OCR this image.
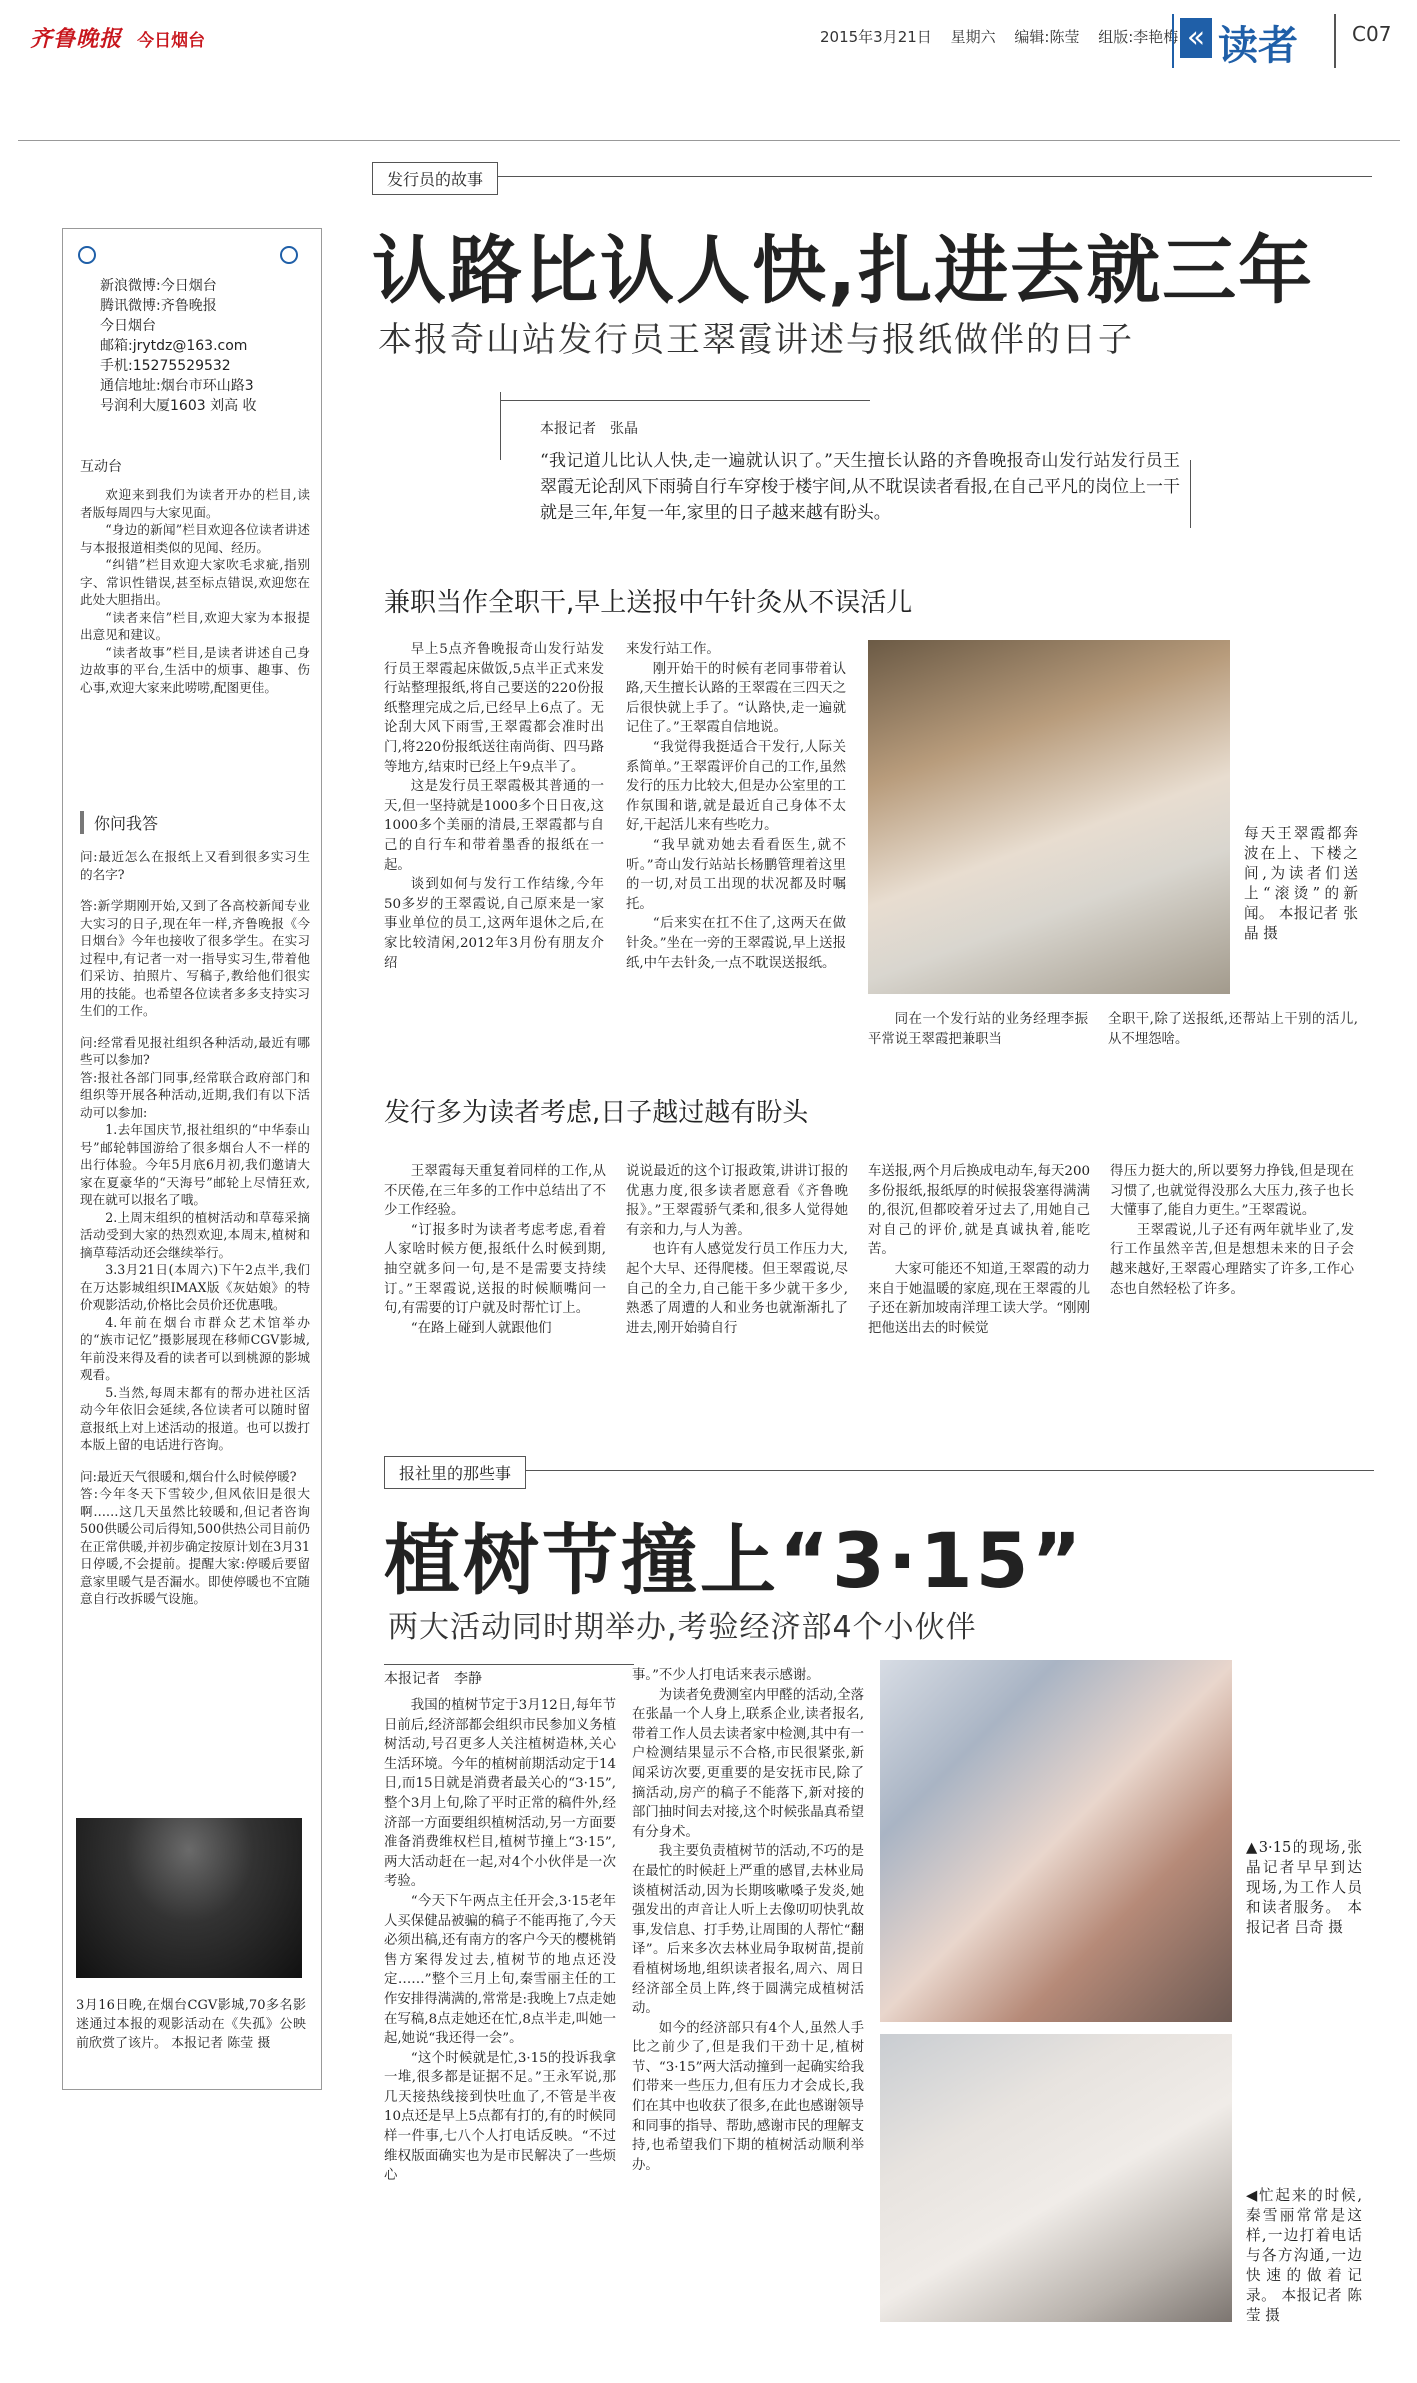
齐鲁晚报 今日烟台	2015年3月21日 星期六 编辑:陈莹 组版:李艳梅 « 读者	C07
新浪微博:今日烟台
腾讯微博:齐鲁晚报
今日烟台
邮箱:jrytdz@163.com
手机:15275529532
通信地址:烟台市环山路3
号润利大厦1603 刘高 收
互动台

欢迎来到我们为读者开办的栏目,读者版每周四与大家见面。

“身边的新闻”栏目欢迎各位读者讲述与本报报道相类似的见闻、经历。

“纠错”栏目欢迎大家吹毛求疵,指别字、常识性错误,甚至标点错误,欢迎您在此处大胆指出。

“读者来信”栏目,欢迎大家为本报提出意见和建议。

“读者故事”栏目,是读者讲述自己身边故事的平台,生活中的烦事、趣事、伤心事,欢迎大家来此唠唠,配图更佳。

你问我答

问:最近怎么在报纸上又看到很多实习生的名字?

答:新学期刚开始,又到了各高校新闻专业大实习的日子,现在年一样,齐鲁晚报《今日烟台》今年也接收了很多学生。在实习过程中,有记者一对一指导实习生,带着他们采访、拍照片、写稿子,教给他们很实用的技能。也希望各位读者多多支持实习生们的工作。

问:经常看见报社组织各种活动,最近有哪些可以参加?

答:报社各部门同事,经常联合政府部门和组织等开展各种活动,近期,我们有以下活动可以参加:

1.去年国庆节,报社组织的“中华泰山号”邮轮韩国游给了很多烟台人不一样的出行体验。今年5月底6月初,我们邀请大家在夏豪华的“天海号”邮轮上尽情狂欢,现在就可以报名了哦。

2.上周末组织的植树活动和草莓采摘活动受到大家的热烈欢迎,本周末,植树和摘草莓活动还会继续举行。

3.3月21日(本周六)下午2点半,我们在万达影城组织IMAX版《灰姑娘》的特价观影活动,价格比会员价还优惠哦。

4.年前在烟台市群众艺术馆举办的“族市记忆”摄影展现在移师CGV影城,年前没来得及看的读者可以到桃源的影城观看。

5.当然,每周末都有的帮办进社区活动今年依旧会延续,各位读者可以随时留意报纸上对上述活动的报道。也可以拨打本版上留的电话进行咨询。

问:最近天气很暖和,烟台什么时候停暖?

答:今年冬天下雪较少,但风依旧是很大啊……这几天虽然比较暖和,但记者咨询500供暖公司后得知,500供热公司目前仍在正常供暖,并初步确定按原计划在3月31日停暖,不会提前。提醒大家:停暖后要留意家里暖气是否漏水。即使停暖也不宜随意自行改拆暖气设施。

3月16日晚,在烟台CGV影城,70多名影迷通过本报的观影活动在《失孤》公映前欣赏了该片。 本报记者 陈莹 摄
发行员的故事
认路比认人快,扎进去就三年
本报奇山站发行员王翠霞讲述与报纸做伴的日子
本报记者　张晶
“我记道儿比认人快,走一遍就认识了。”天生擅长认路的齐鲁晚报奇山发行站发行员王翠霞无论刮风下雨骑自行车穿梭于楼宇间,从不耽误读者看报,在自己平凡的岗位上一干就是三年,年复一年,家里的日子越来越有盼头。
兼职当作全职干,早上送报中午针灸从不误活儿

早上5点齐鲁晚报奇山发行站发行员王翠霞起床做饭,5点半正式来发行站整理报纸,将自己要送的220份报纸整理完成之后,已经早上6点了。无论刮大风下雨雪,王翠霞都会准时出门,将220份报纸送往南尚街、四马路等地方,结束时已经上午9点半了。

这是发行员王翠霞极其普通的一天,但一坚持就是1000多个日日夜,这1000多个美丽的清晨,王翠霞都与自己的自行车和带着墨香的报纸在一起。

谈到如何与发行工作结缘,今年50多岁的王翠霞说,自己原来是一家事业单位的员工,这两年退休之后,在家比较清闲,2012年3月份有朋友介绍

来发行站工作。

刚开始干的时候有老同事带着认路,天生擅长认路的王翠霞在三四天之后很快就上手了。“认路快,走一遍就记住了。”王翠霞自信地说。

“我觉得我挺适合干发行,人际关系简单。”王翠霞评价自己的工作,虽然发行的压力比较大,但是办公室里的工作氛围和谐,就是最近自己身体不太好,干起活儿来有些吃力。

“我早就劝她去看看医生,就不听。”奇山发行站站长杨鹏管理着这里的一切,对员工出现的状况都及时嘱托。

“后来实在扛不住了,这两天在做针灸。”坐在一旁的王翠霞说,早上送报纸,中午去针灸,一点不耽误送报纸。

每天王翠霞都奔波在上、下楼之间,为读者们送上“滚烫”的新闻。 本报记者 张晶 摄
同在一个发行站的业务经理李振平常说王翠霞把兼职当
全职干,除了送报纸,还帮站上干别的活儿,从不埋怨啥。
发行多为读者考虑,日子越过越有盼头

王翠霞每天重复着同样的工作,从不厌倦,在三年多的工作中总结出了不少工作经验。

“订报多时为读者考虑考虑,看着人家啥时候方便,报纸什么时候到期,抽空就多问一句,是不是需要支持续订。”王翠霞说,送报的时候顺嘴问一句,有需要的订户就及时帮忙订上。

“在路上碰到人就跟他们

说说最近的这个订报政策,讲讲订报的优惠力度,很多读者愿意看《齐鲁晚报》。”王翠霞骄气柔和,很多人觉得她有亲和力,与人为善。

也许有人感觉发行员工作压力大,起个大早、还得爬楼。但王翠霞说,尽自己的全力,自己能干多少就干多少,熟悉了周遭的人和业务也就渐渐扎了进去,刚开始骑自行

车送报,两个月后换成电动车,每天200多份报纸,报纸厚的时候报袋塞得满满的,很沉,但都咬着牙过去了,用她自己对自己的评价,就是真诚执着,能吃苦。

大家可能还不知道,王翠霞的动力来自于她温暖的家庭,现在王翠霞的儿子还在新加坡南洋理工读大学。“刚刚把他送出去的时候觉

得压力挺大的,所以要努力挣钱,但是现在习惯了,也就觉得没那么大压力,孩子也长大懂事了,能自力更生。”王翠霞说。

王翠霞说,儿子还有两年就毕业了,发行工作虽然辛苦,但是想想未来的日子会越来越好,王翠霞心理踏实了许多,工作心态也自然轻松了许多。

报社里的那些事
植树节撞上“3·15”
两大活动同时期举办,考验经济部4个小伙伴
本报记者　李静

我国的植树节定于3月12日,每年节日前后,经济部都会组织市民参加义务植树活动,号召更多人关注植树造林,关心生活环境。今年的植树前期活动定于14日,而15日就是消费者最关心的“3·15”,整个3月上旬,除了平时正常的稿件外,经济部一方面要组织植树活动,另一方面要准备消费维权栏目,植树节撞上“3·15”,两大活动赶在一起,对4个小伙伴是一次考验。

“今天下午两点主任开会,3·15老年人买保健品被骗的稿子不能再拖了,今天必须出稿,还有南方的客户今天的樱桃销售方案得发过去,植树节的地点还没定……”整个三月上旬,秦雪丽主任的工作安排得满满的,常常是:我晚上7点走她在写稿,8点走她还在忙,8点半走,叫她一起,她说“我还得一会”。

“这个时候就是忙,3·15的投诉我拿一堆,很多都是证据不足。”王永军说,那几天接热线接到快吐血了,不管是半夜10点还是早上5点都有打的,有的时候同样一件事,七八个人打电话反映。“不过维权版面确实也为是市民解决了一些烦心

事。”不少人打电话来表示感谢。

为读者免费测室内甲醛的活动,全落在张晶一个人身上,联系企业,读者报名,带着工作人员去读者家中检测,其中有一户检测结果显示不合格,市民很紧张,新闻采访次要,更重要的是安抚市民,除了摘活动,房产的稿子不能落下,新对接的部门抽时间去对接,这个时候张晶真希望有分身术。

我主要负责植树节的活动,不巧的是在最忙的时候赶上严重的感冒,去林业局谈植树活动,因为长期咳嗽嗓子发炎,她强发出的声音让人听上去像叨叨快乳故事,发信息、打手势,让周围的人帮忙“翻译”。后来多次去林业局争取树苗,提前看植树场地,组织读者报名,周六、周日经济部全员上阵,终于圆满完成植树活动。

如今的经济部只有4个人,虽然人手比之前少了,但是我们干劲十足,植树节、“3·15”两大活动撞到一起确实给我们带来一些压力,但有压力才会成长,我们在其中也收获了很多,在此也感谢领导和同事的指导、帮助,感谢市民的理解支持,也希望我们下期的植树活动顺利举办。

▲3·15的现场,张晶记者早早到达现场,为工作人员和读者服务。 本报记者 吕奇 摄
◀忙起来的时候,秦雪丽常常是这样,一边打着电话与各方沟通,一边快速的做着记录。 本报记者 陈莹 摄
